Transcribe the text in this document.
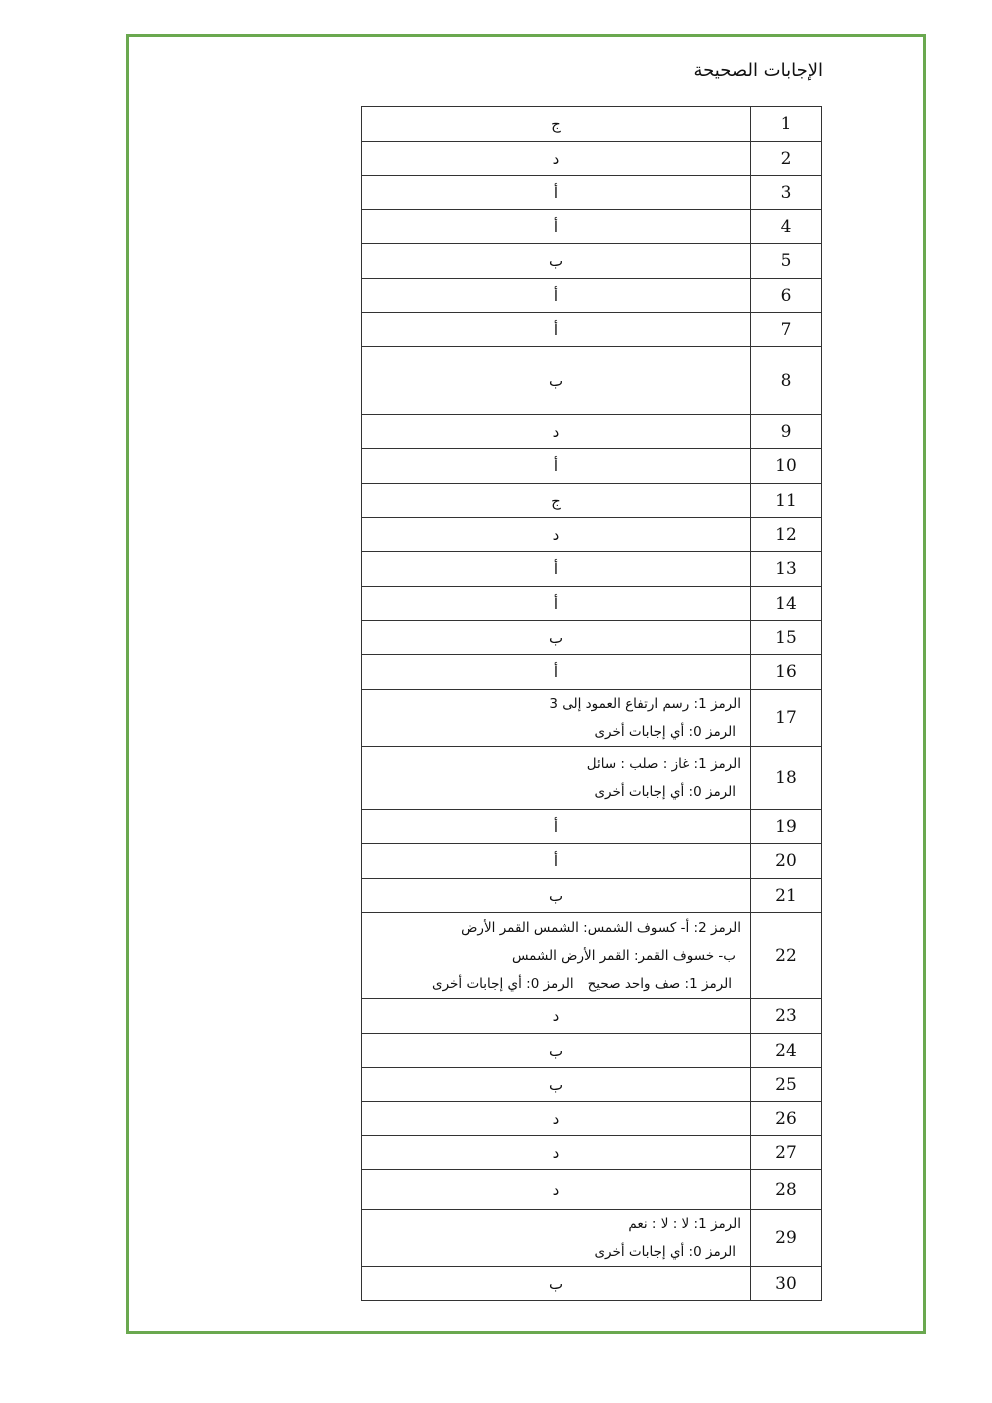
الإجابات الصحيحة
1	ج
2	د
3	أ
4	أ
5	ب
6	أ
7	أ
8	ب
9	د
10	أ
11	ج
12	د
13	أ
14	أ
15	ب
16	أ
17	الرمز 1: رسم ارتفاع العمود إلى 3
الرمز 0: أي إجابات أخرى

18	الرمز 1: غاز : صلب : سائل
الرمز 0: أي إجابات أخرى

19	أ
20	أ
21	ب
22	الرمز 2: أ- كسوف الشمس: الشمس القمر الأرض
ب- خسوف القمر: القمر الأرض الشمس
الرمز 1: صف واحد صحيحالرمز 0: أي إجابات أخرى

23	د
24	ب
25	ب
26	د
27	د
28	د
29	الرمز 1: لا : لا : نعم
الرمز 0: أي إجابات أخرى

30	ب
